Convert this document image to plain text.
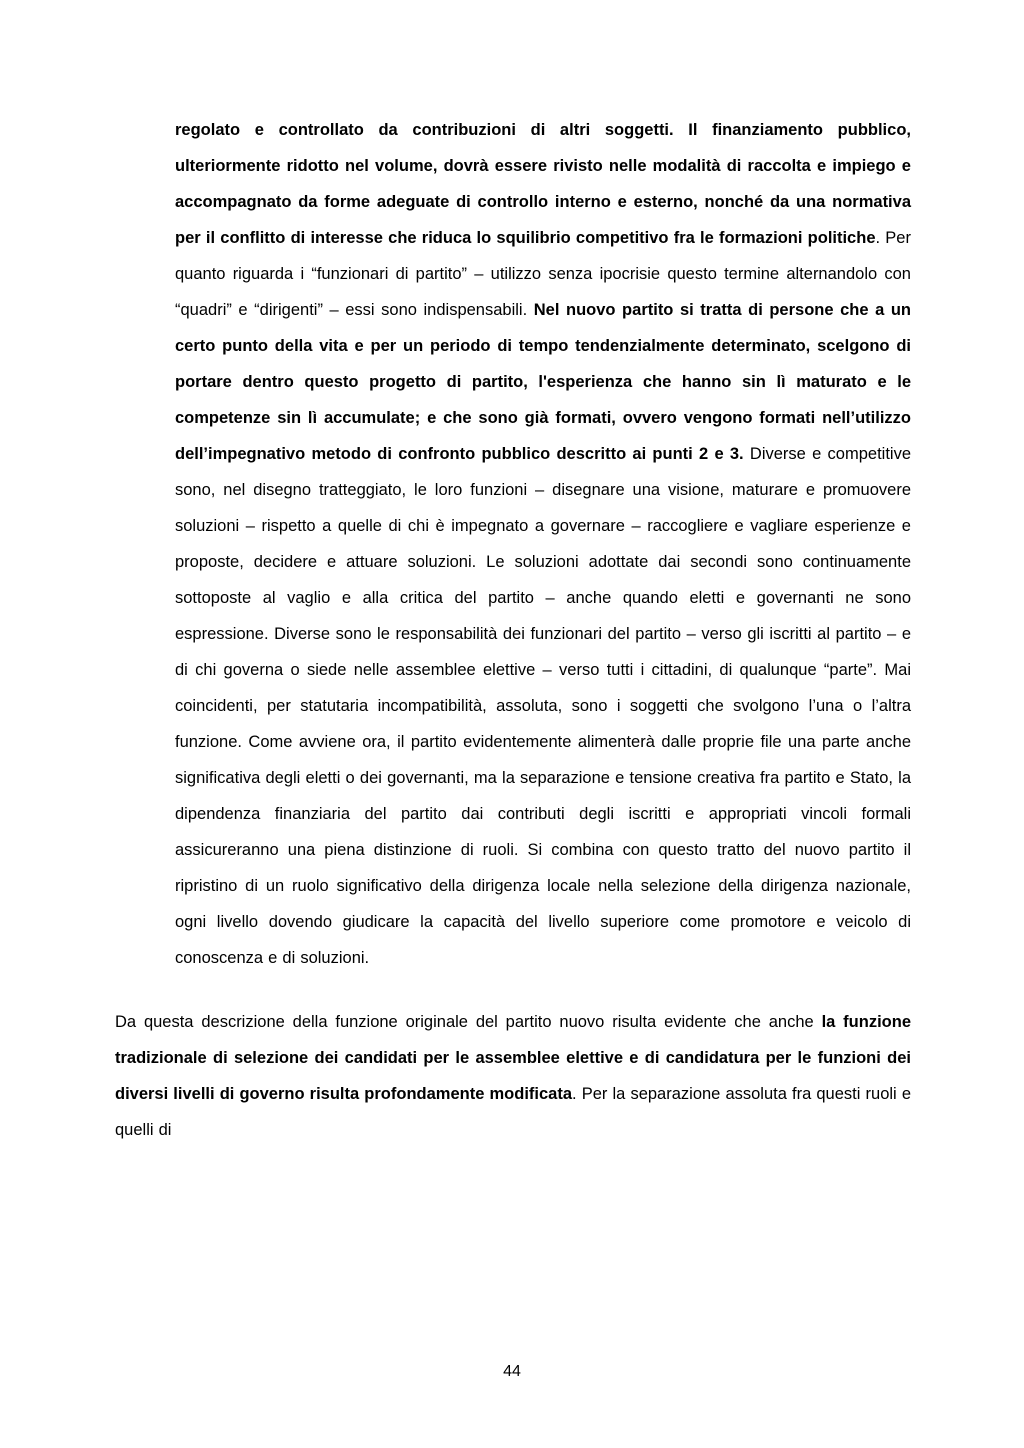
regolato e controllato da contribuzioni di altri soggetti. Il finanziamento pubblico, ulteriormente ridotto nel volume, dovrà essere rivisto nelle modalità di raccolta e impiego e accompagnato da forme adeguate di controllo interno e esterno, nonché da una normativa per il conflitto di interesse che riduca lo squilibrio competitivo fra le formazioni politiche. Per quanto riguarda i “funzionari di partito” – utilizzo senza ipocrisie questo termine alternandolo con “quadri” e “dirigenti” – essi sono indispensabili. Nel nuovo partito si tratta di persone che a un certo punto della vita e per un periodo di tempo tendenzialmente determinato, scelgono di portare dentro questo progetto di partito, l'esperienza che hanno sin lì maturato e le competenze sin lì accumulate; e che sono già formati, ovvero vengono formati nell’utilizzo dell’impegnativo metodo di confronto pubblico descritto ai punti 2 e 3. Diverse e competitive sono, nel disegno tratteggiato, le loro funzioni – disegnare una visione, maturare e promuovere soluzioni – rispetto a quelle di chi è impegnato a governare – raccogliere e vagliare esperienze e proposte, decidere e attuare soluzioni. Le soluzioni adottate dai secondi sono continuamente sottoposte al vaglio e alla critica del partito – anche quando eletti e governanti ne sono espressione. Diverse sono le responsabilità dei funzionari del partito – verso gli iscritti al partito – e di chi governa o siede nelle assemblee elettive – verso tutti i cittadini, di qualunque “parte”. Mai coincidenti, per statutaria incompatibilità, assoluta, sono i soggetti che svolgono l’una o l’altra funzione. Come avviene ora, il partito evidentemente alimenterà dalle proprie file una parte anche significativa degli eletti o dei governanti, ma la separazione e tensione creativa fra partito e Stato, la dipendenza finanziaria del partito dai contributi degli iscritti e appropriati vincoli formali assicureranno una piena distinzione di ruoli. Si combina con questo tratto del nuovo partito il ripristino di un ruolo significativo della dirigenza locale nella selezione della dirigenza nazionale, ogni livello dovendo giudicare la capacità del livello superiore come promotore e veicolo di conoscenza e di soluzioni.

Da questa descrizione della funzione originale del partito nuovo risulta evidente che anche la funzione tradizionale di selezione dei candidati per le assemblee elettive e di candidatura per le funzioni dei diversi livelli di governo risulta profondamente modificata. Per la separazione assoluta fra questi ruoli e quelli di

44
